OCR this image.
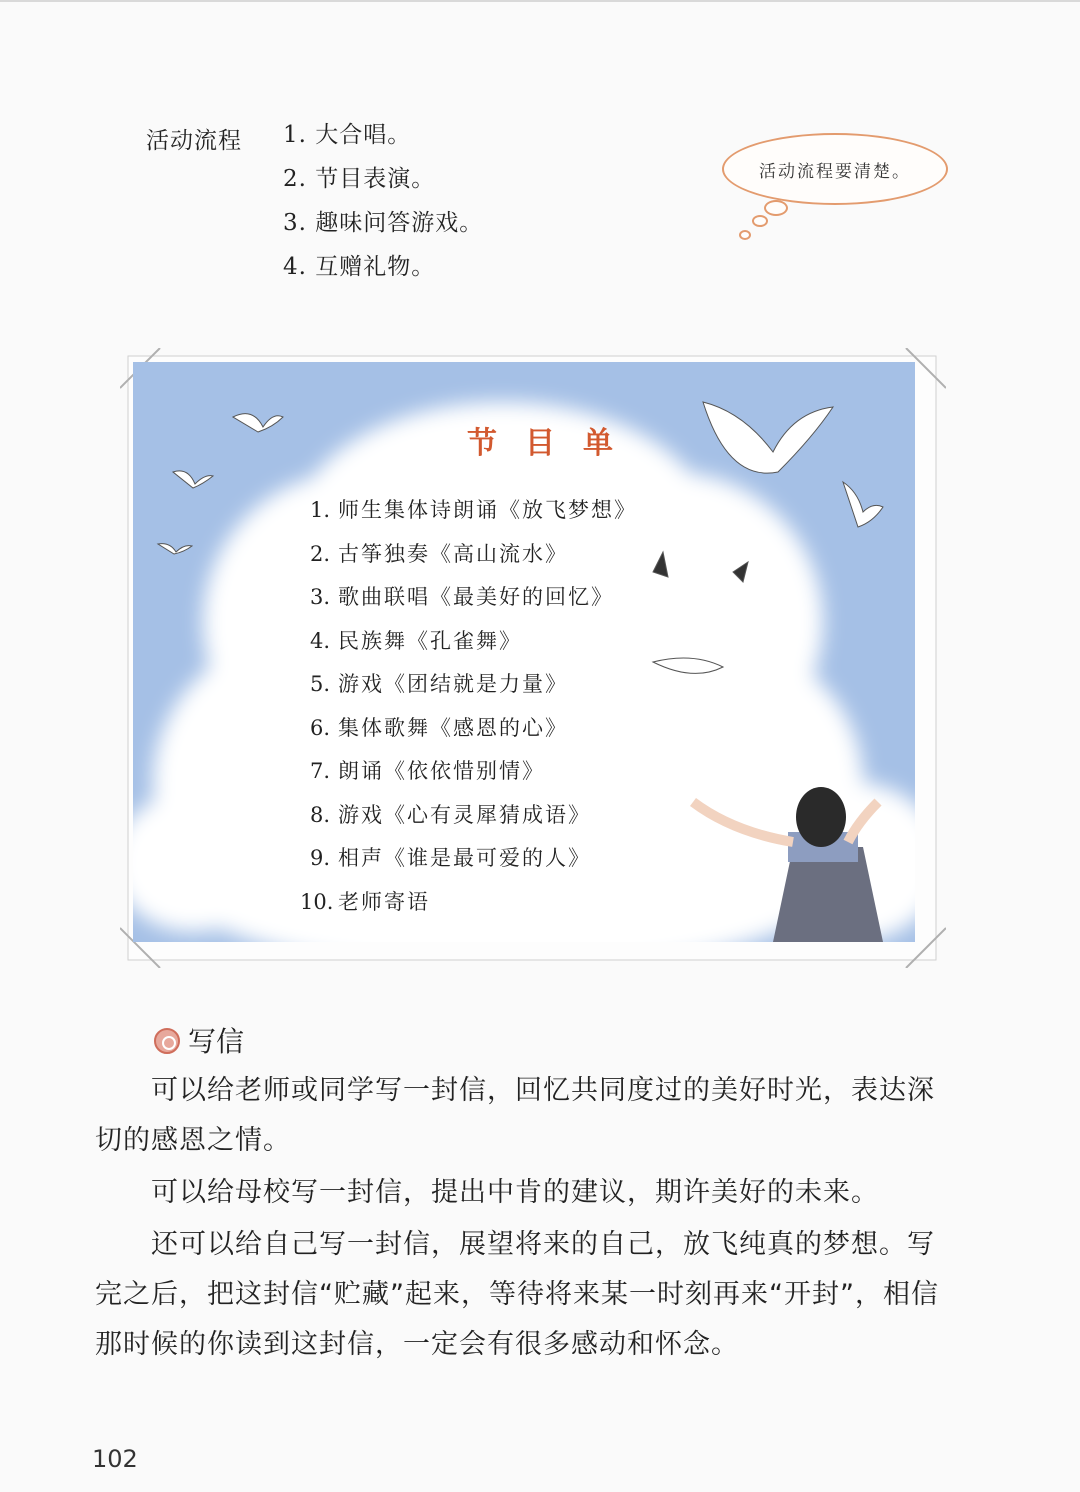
活动流程 1. 大合唱。
2. 节目表演。
3. 趣味问答游戏。
4. 互赠礼物。
活动流程要清楚。
节目单
1. 师生集体诗朗诵《放飞梦想》
2. 古筝独奏《高山流水》
3. 歌曲联唱《最美好的回忆》
4. 民族舞《孔雀舞》
5. 游戏《团结就是力量》
6. 集体歌舞《感恩的心》
7. 朗诵《依依惜别情》
8. 游戏《心有灵犀猜成语》
9. 相声《谁是最可爱的人》
10. 老师寄语
写信

可以给老师或同学写一封信，回忆共同度过的美好时光，表达深切的感恩之情。

可以给母校写一封信，提出中肯的建议，期许美好的未来。

还可以给自己写一封信，展望将来的自己，放飞纯真的梦想。写完之后，把这封信“贮藏”起来，等待将来某一时刻再来“开封”，相信那时候的你读到这封信，一定会有很多感动和怀念。

102
